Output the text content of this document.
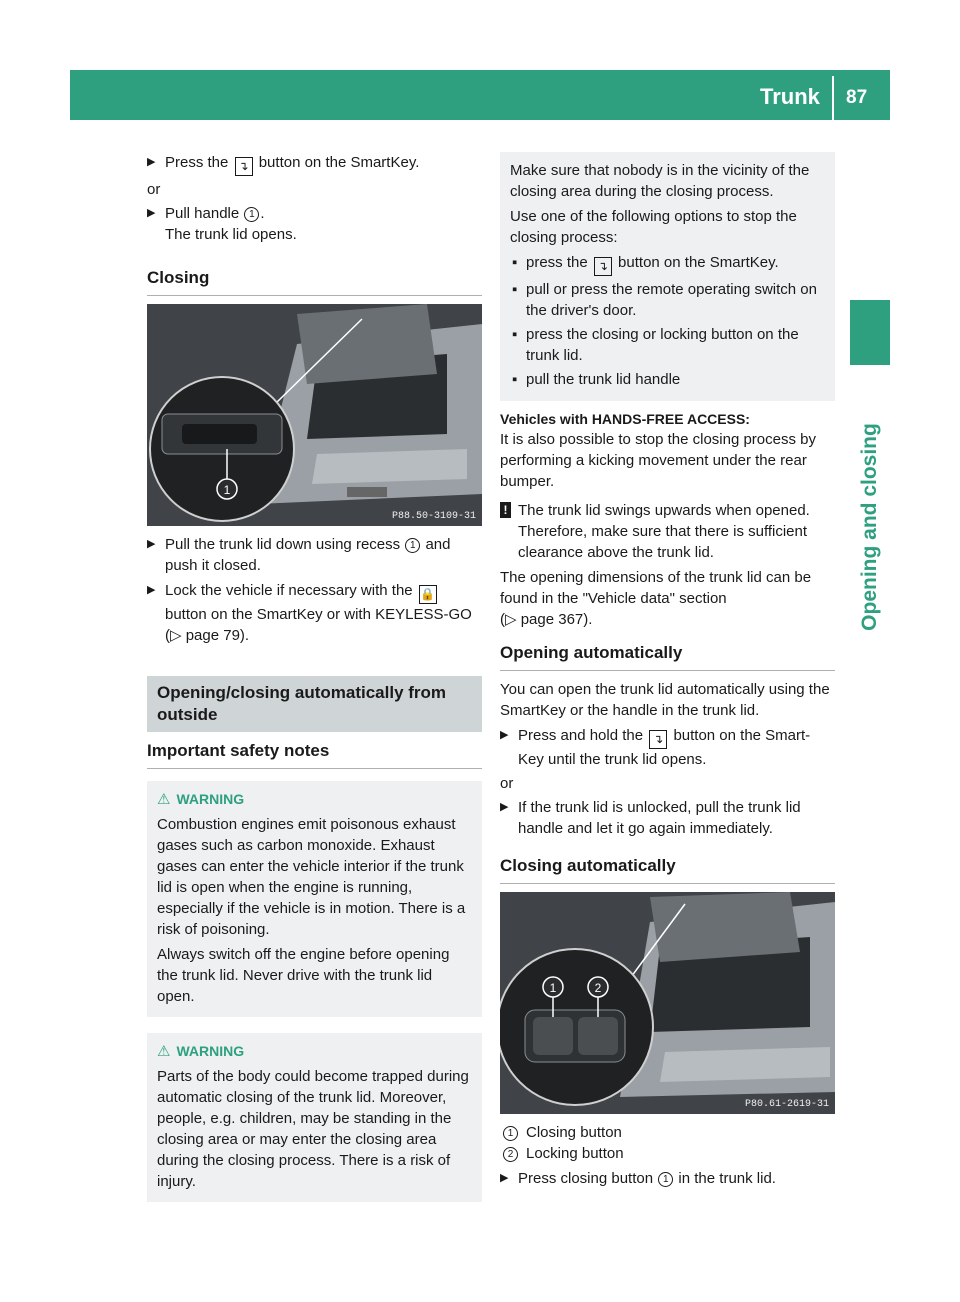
Trunk 87
Opening and closing

▶ Press the ↴ button on the SmartKey.

or

▶ Pull handle 1 .
The trunk lid opens.

Closing
1
P88.50-3109-31

▶ Pull the trunk lid down using recess 1 and push it closed.

▶ Lock the vehicle if necessary with the 🔒 button on the SmartKey or with KEYLESS-GO (▷ page 79).

Opening/closing automatically from outside
Important safety notes
⚠ WARNING

Combustion engines emit poisonous exhaust gases such as carbon monoxide. Exhaust gases can enter the vehicle interior if the trunk lid is open when the engine is running, especially if the vehicle is in motion. There is a risk of poisoning.

Always switch off the engine before opening the trunk lid. Never drive with the trunk lid open.

⚠ WARNING

Parts of the body could become trapped during automatic closing of the trunk lid. Moreover, people, e.g. children, may be standing in the closing area or may enter the closing area during the closing process. There is a risk of injury.

Make sure that nobody is in the vicinity of the closing area during the closing process.

Use one of the following options to stop the closing process:

▪ press the ↴ button on the SmartKey.

▪ pull or press the remote operating switch on the driver's door.

▪ press the closing or locking button on the trunk lid.

▪ pull the trunk lid handle

Vehicles with HANDS-FREE ACCESS:

It is also possible to stop the closing process by performing a kicking movement under the rear bumper.

! The trunk lid swings upwards when opened. Therefore, make sure that there is sufficient clearance above the trunk lid.

The opening dimensions of the trunk lid can be found in the "Vehicle data" section
(▷ page 367).

Opening automatically

You can open the trunk lid automatically using the SmartKey or the handle in the trunk lid.

▶ Press and hold the ↴ button on the Smart-Key until the trunk lid opens.

or

▶ If the trunk lid is unlocked, pull the trunk lid handle and let it go again immediately.

Closing automatically
1	2
P80.61-2619-31

1 Closing button

2 Locking button

▶ Press closing button 1 in the trunk lid.
